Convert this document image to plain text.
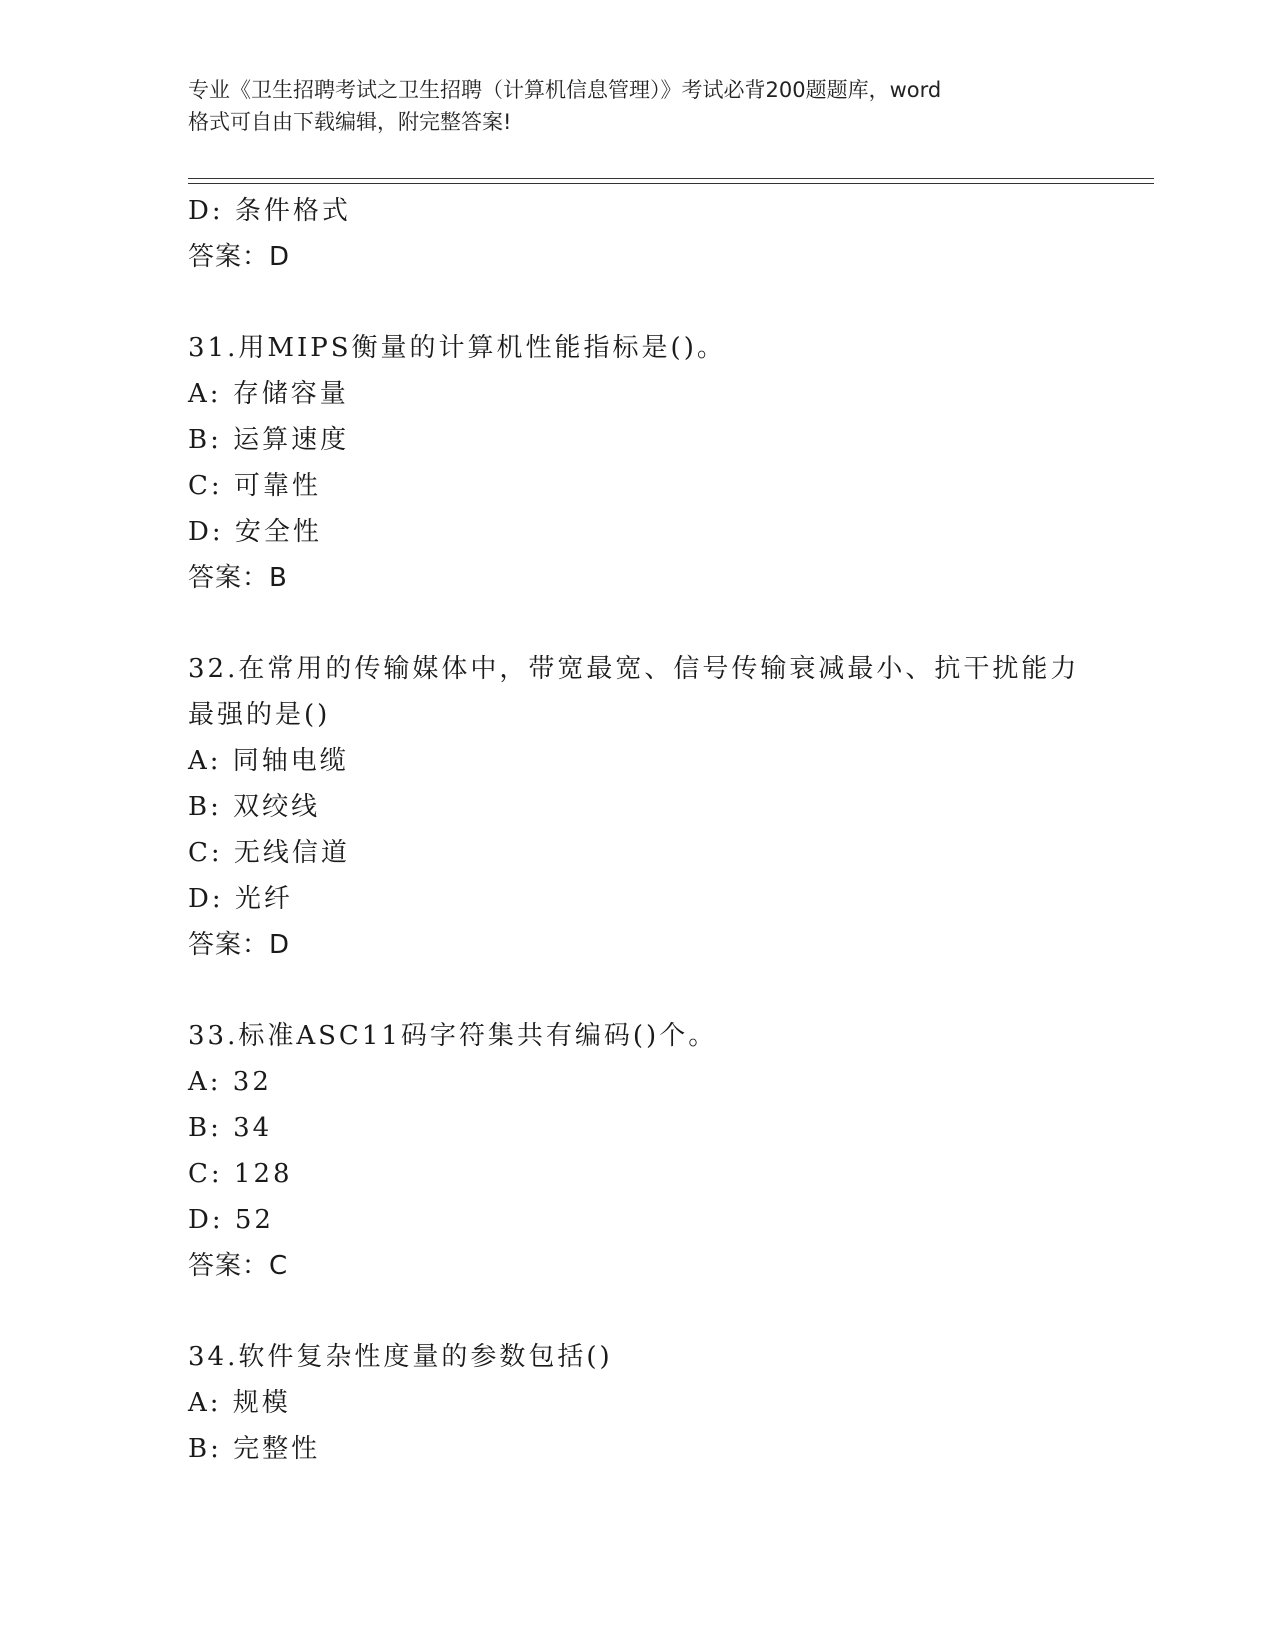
专业《卫生招聘考试之卫生招聘（计算机信息管理）》考试必背200题题库，word
格式可自由下载编辑，附完整答案!
D: 条件格式
答案：D
31.用MIPS衡量的计算机性能指标是()。
A: 存储容量
B: 运算速度
C: 可靠性
D: 安全性
答案：B
32.在常用的传输媒体中，带宽最宽、信号传输衰减最小、抗干扰能力
最强的是()
A: 同轴电缆
B: 双绞线
C: 无线信道
D: 光纤
答案：D
33.标准ASC11码字符集共有编码()个。
A: 32
B: 34
C: 128
D: 52
答案：C
34.软件复杂性度量的参数包括()
A: 规模
B: 完整性
